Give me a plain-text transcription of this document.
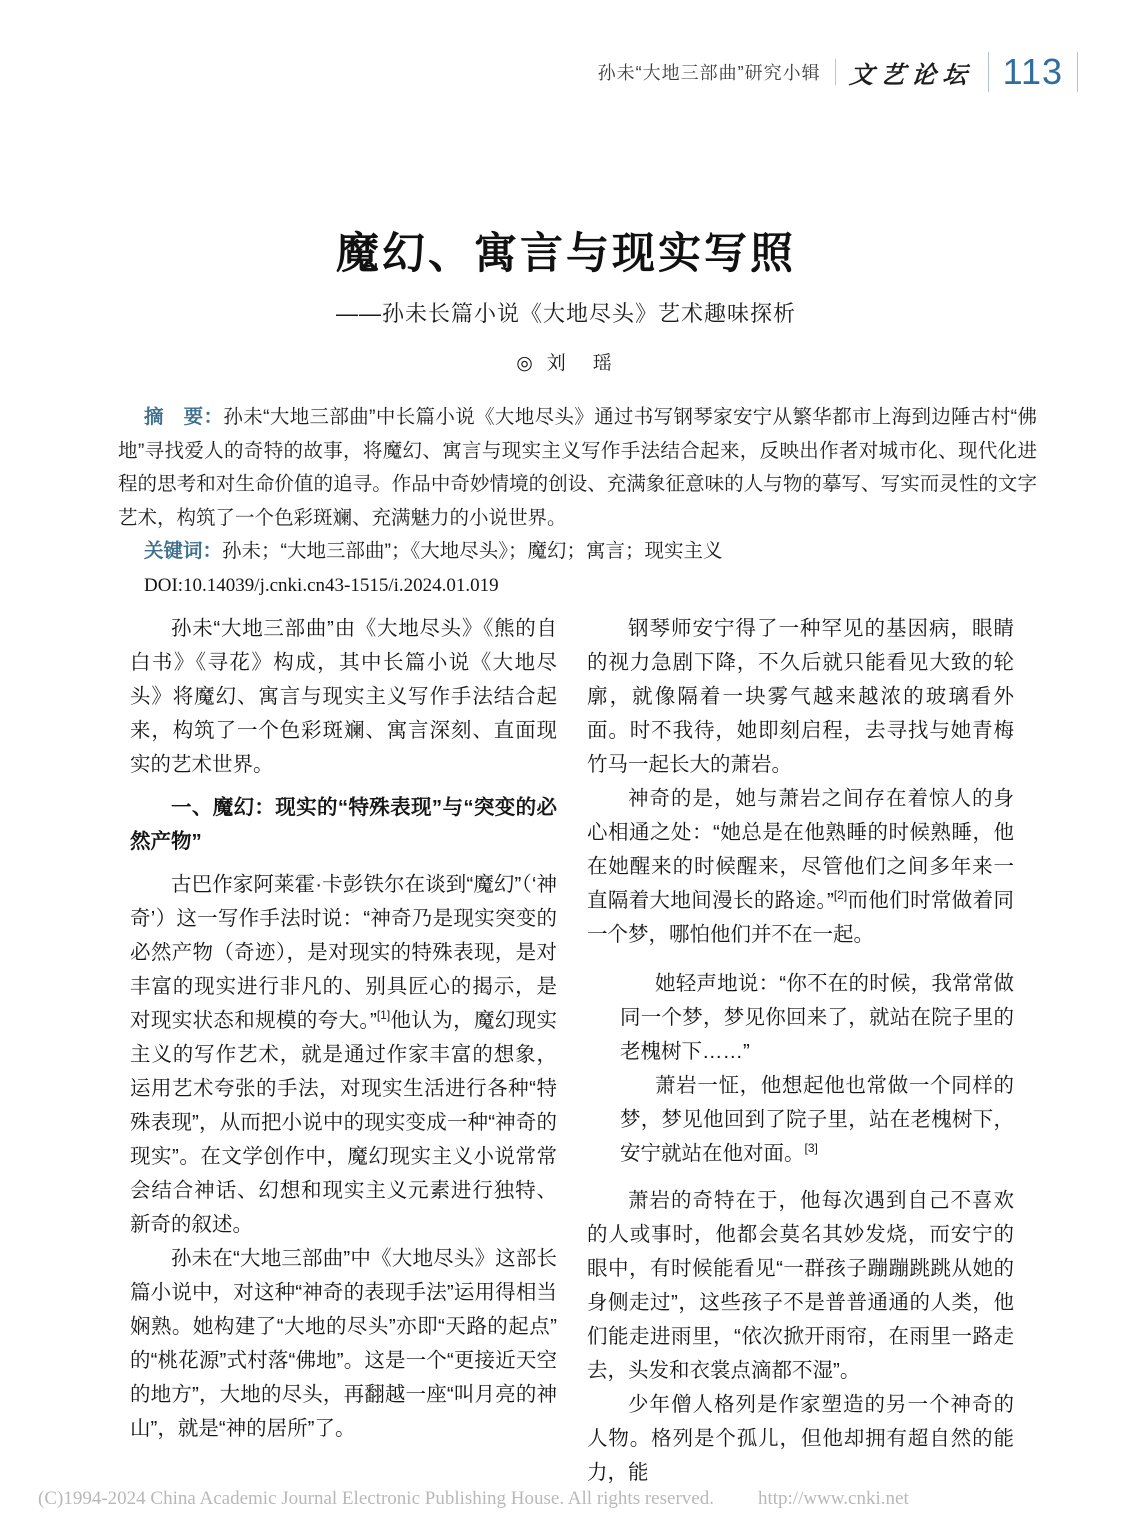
孙未“大地三部曲”研究小辑 文艺论坛 113
魔幻、寓言与现实写照
——孙未长篇小说《大地尽头》艺术趣味探析
◎ 刘　瑶

摘　要：孙未“大地三部曲”中长篇小说《大地尽头》通过书写钢琴家安宁从繁华都市上海到边陲古村“佛地”寻找爱人的奇特的故事，将魔幻、寓言与现实主义写作手法结合起来，反映出作者对城市化、现代化进程的思考和对生命价值的追寻。作品中奇妙情境的创设、充满象征意味的人与物的摹写、写实而灵性的文字艺术，构筑了一个色彩斑斓、充满魅力的小说世界。

关键词：孙未；“大地三部曲”；《大地尽头》；魔幻；寓言；现实主义
DOI:10.14039/j.cnki.cn43-1515/i.2024.01.019

孙未“大地三部曲”由《大地尽头》《熊的自白书》《寻花》构成，其中长篇小说《大地尽头》将魔幻、寓言与现实主义写作手法结合起来，构筑了一个色彩斑斓、寓言深刻、直面现实的艺术世界。

一、魔幻：现实的“特殊表现”与“突变的必然产物”

古巴作家阿莱霍·卡彭铁尔在谈到“魔幻”（‘神奇’）这一写作手法时说：“神奇乃是现实突变的必然产物（奇迹），是对现实的特殊表现，是对丰富的现实进行非凡的、别具匠心的揭示，是对现实状态和规模的夸大。”[1]他认为，魔幻现实主义的写作艺术，就是通过作家丰富的想象，运用艺术夸张的手法，对现实生活进行各种“特殊表现”，从而把小说中的现实变成一种“神奇的现实”。在文学创作中，魔幻现实主义小说常常会结合神话、幻想和现实主义元素进行独特、新奇的叙述。

孙未在“大地三部曲”中《大地尽头》这部长篇小说中，对这种“神奇的表现手法”运用得相当娴熟。她构建了“大地的尽头”亦即“天路的起点”的“桃花源”式村落“佛地”。这是一个“更接近天空的地方”，大地的尽头，再翻越一座“叫月亮的神山”，就是“神的居所”了。

钢琴师安宁得了一种罕见的基因病，眼睛的视力急剧下降，不久后就只能看见大致的轮廓，就像隔着一块雾气越来越浓的玻璃看外面。时不我待，她即刻启程，去寻找与她青梅竹马一起长大的萧岩。

神奇的是，她与萧岩之间存在着惊人的身心相通之处：“她总是在他熟睡的时候熟睡，他在她醒来的时候醒来，尽管他们之间多年来一直隔着大地间漫长的路途。”[2]而他们时常做着同一个梦，哪怕他们并不在一起。

她轻声地说：“你不在的时候，我常常做同一个梦，梦见你回来了，就站在院子里的老槐树下……”

萧岩一怔，他想起他也常做一个同样的梦，梦见他回到了院子里，站在老槐树下，安宁就站在他对面。[3]

萧岩的奇特在于，他每次遇到自己不喜欢的人或事时，他都会莫名其妙发烧，而安宁的眼中，有时候能看见“一群孩子蹦蹦跳跳从她的身侧走过”，这些孩子不是普普通通的人类，他们能走进雨里，“依次掀开雨帘，在雨里一路走去，头发和衣裳点滴都不湿”。

少年僧人格列是作家塑造的另一个神奇的人物。格列是个孤儿，但他却拥有超自然的能力，能

(C)1994-2024 China Academic Journal Electronic Publishing House. All rights reserved. http://www.cnki.net
